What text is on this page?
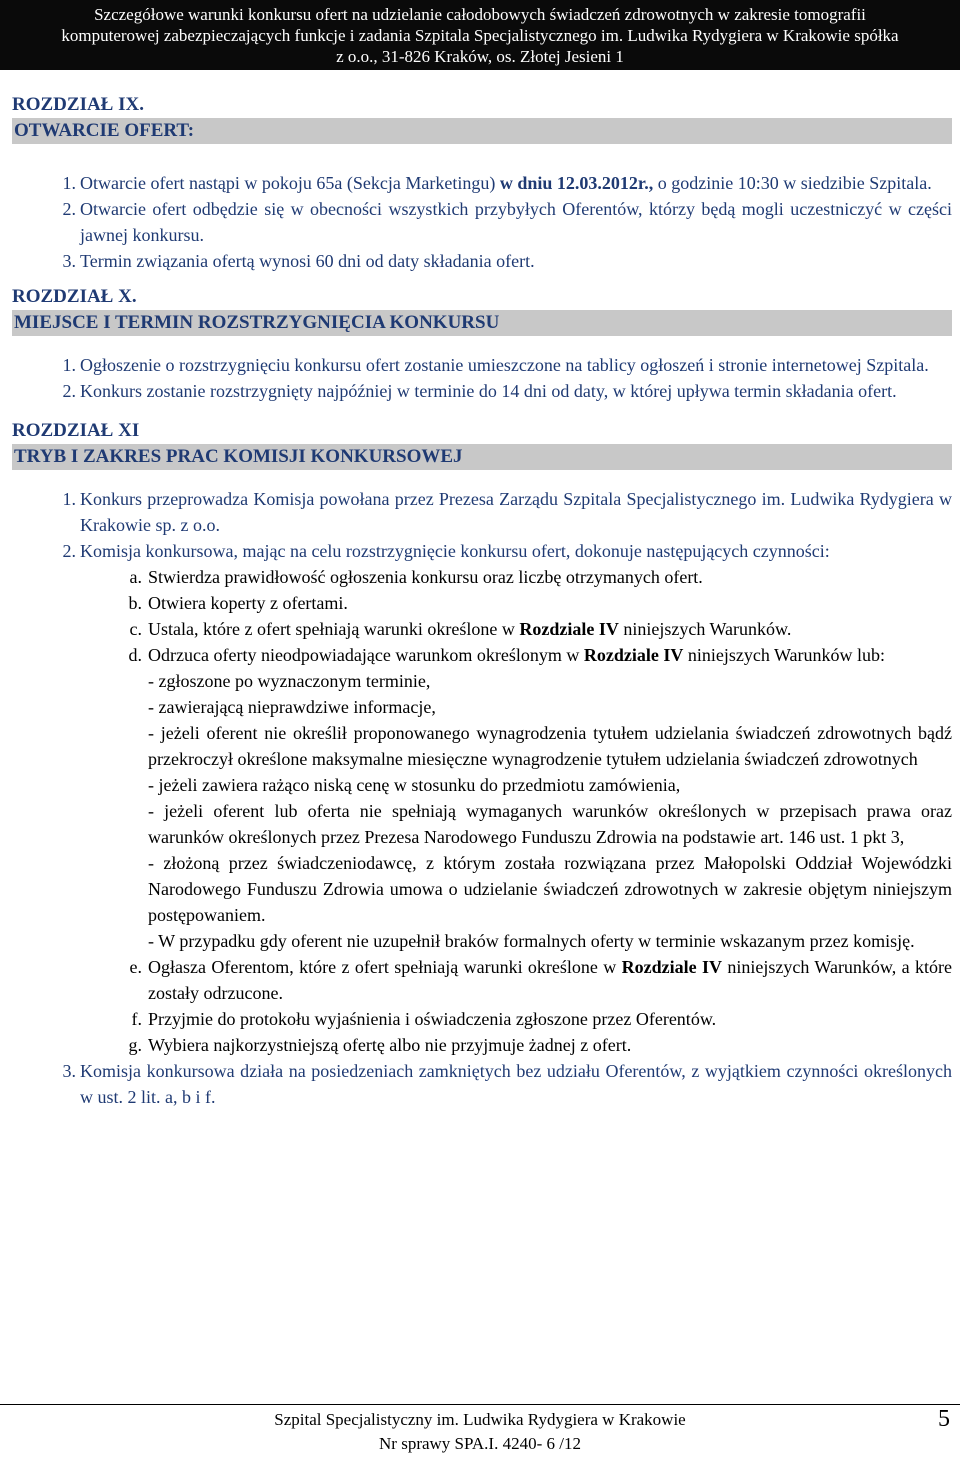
Szczegółowe warunki konkursu ofert na udzielanie całodobowych świadczeń zdrowotnych w zakresie tomografii
komputerowej zabezpieczających funkcje i zadania Szpitala Specjalistycznego im. Ludwika Rydygiera w Krakowie spółka
z o.o., 31-826 Kraków, os. Złotej Jesieni 1
ROZDZIAŁ IX.
OTWARCIE OFERT:
1. Otwarcie ofert nastąpi w pokoju 65a (Sekcja Marketingu) w dniu 12.03.2012r., o godzinie 10:30 w siedzibie Szpitala.
2. Otwarcie ofert odbędzie się w obecności wszystkich przybyłych Oferentów, którzy będą mogli uczestniczyć w części jawnej konkursu.
3. Termin związania ofertą wynosi 60 dni od daty składania ofert.
ROZDZIAŁ X.
MIEJSCE I TERMIN ROZSTRZYGNIĘCIA KONKURSU
1. Ogłoszenie o rozstrzygnięciu konkursu ofert zostanie umieszczone na tablicy ogłoszeń i stronie internetowej Szpitala.
2. Konkurs zostanie rozstrzygnięty najpóźniej w terminie do 14 dni od daty, w której upływa termin składania ofert.
ROZDZIAŁ XI
TRYB I ZAKRES PRAC KOMISJI KONKURSOWEJ
1. Konkurs przeprowadza Komisja powołana przez Prezesa Zarządu Szpitala Specjalistycznego im. Ludwika Rydygiera w Krakowie sp. z o.o.
2. Komisja konkursowa, mając na celu rozstrzygnięcie konkursu ofert, dokonuje następujących czynności:
a. Stwierdza prawidłowość ogłoszenia konkursu oraz liczbę otrzymanych ofert.
b. Otwiera koperty z ofertami.
c. Ustala, które z ofert spełniają warunki określone w Rozdziale IV niniejszych Warunków.
d. Odrzuca oferty nieodpowiadające warunkom określonym w Rozdziale IV niniejszych Warunków lub:
- zgłoszone po wyznaczonym terminie,
- zawierającą nieprawdziwe informacje,
- jeżeli oferent nie określił proponowanego wynagrodzenia tytułem udzielania świadczeń zdrowotnych bądź przekroczył określone maksymalne miesięczne wynagrodzenie tytułem udzielania świadczeń zdrowotnych
- jeżeli zawiera rażąco niską cenę w stosunku do przedmiotu zamówienia,
- jeżeli oferent lub oferta nie spełniają wymaganych warunków określonych w przepisach prawa oraz warunków określonych przez Prezesa Narodowego Funduszu Zdrowia na podstawie art. 146 ust. 1 pkt 3,
- złożoną przez świadczeniodawcę, z którym została rozwiązana przez Małopolski Oddział Wojewódzki Narodowego Funduszu Zdrowia umowa o udzielanie świadczeń zdrowotnych w zakresie objętym niniejszym postępowaniem.
- W przypadku gdy oferent nie uzupełnił braków formalnych oferty w terminie wskazanym przez komisję.
e. Ogłasza Oferentom, które z ofert spełniają warunki określone w Rozdziale IV niniejszych Warunków, a które zostały odrzucone.
f. Przyjmie do protokołu wyjaśnienia i oświadczenia zgłoszone przez Oferentów.
g. Wybiera najkorzystniejszą ofertę albo nie przyjmuje żadnej z ofert.
3. Komisja konkursowa działa na posiedzeniach zamkniętych bez udziału Oferentów, z wyjątkiem czynności określonych w ust. 2 lit. a, b i f.
Szpital Specjalistyczny im. Ludwika Rydygiera w Krakowie
Nr sprawy SPA.I. 4240- 6 /12
5
